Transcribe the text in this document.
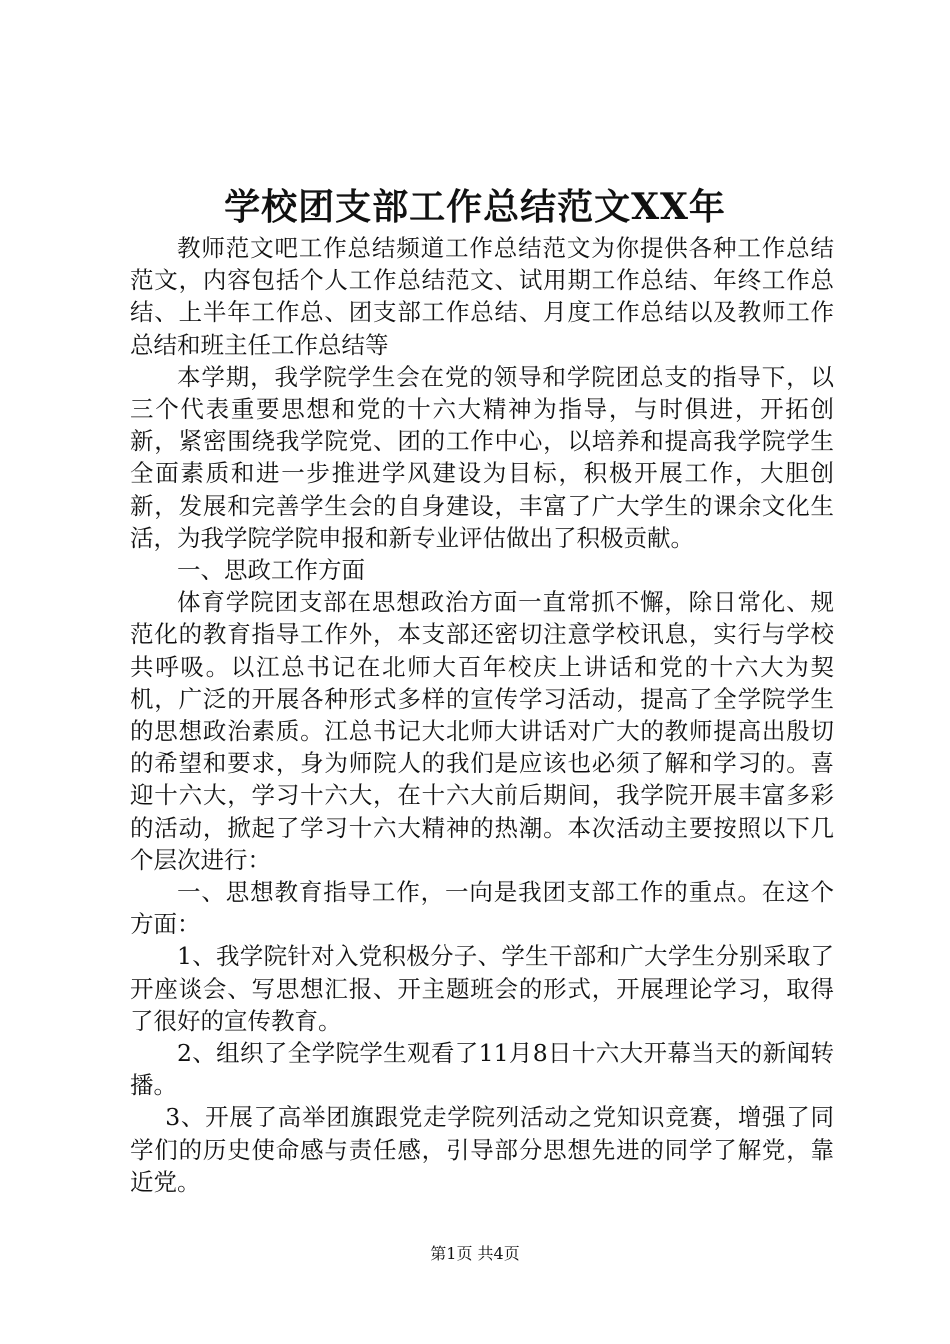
学校团支部工作总结范文XX年

教师范文吧工作总结频道工作总结范文为你提供各种工作总结范文，内容包括个人工作总结范文、试用期工作总结、年终工作总结、上半年工作总、团支部工作总结、月度工作总结以及教师工作总结和班主任工作总结等

本学期，我学院学生会在党的领导和学院团总支的指导下，以三个代表重要思想和党的十六大精神为指导，与时俱进，开拓创新，紧密围绕我学院党、团的工作中心，以培养和提高我学院学生全面素质和进一步推进学风建设为目标，积极开展工作，大胆创新，发展和完善学生会的自身建设，丰富了广大学生的课余文化生活，为我学院学院申报和新专业评估做出了积极贡献。

一、思政工作方面

体育学院团支部在思想政治方面一直常抓不懈，除日常化、规范化的教育指导工作外，本支部还密切注意学校讯息，实行与学校共呼吸。以江总书记在北师大百年校庆上讲话和党的十六大为契机，广泛的开展各种形式多样的宣传学习活动，提高了全学院学生的思想政治素质。江总书记大北师大讲话对广大的教师提高出殷切的希望和要求，身为师院人的我们是应该也必须了解和学习的。喜迎十六大，学习十六大，在十六大前后期间，我学院开展丰富多彩的活动，掀起了学习十六大精神的热潮。本次活动主要按照以下几个层次进行：

一、思想教育指导工作，一向是我团支部工作的重点。在这个方面：

1、我学院针对入党积极分子、学生干部和广大学生分别采取了开座谈会、写思想汇报、开主题班会的形式，开展理论学习，取得了很好的宣传教育。

2、组织了全学院学生观看了11月8日十六大开幕当天的新闻转播。

3、开展了高举团旗跟党走学院列活动之党知识竞赛，增强了同学们的历史使命感与责任感，引导部分思想先进的同学了解党，靠近党。

第1页 共4页
